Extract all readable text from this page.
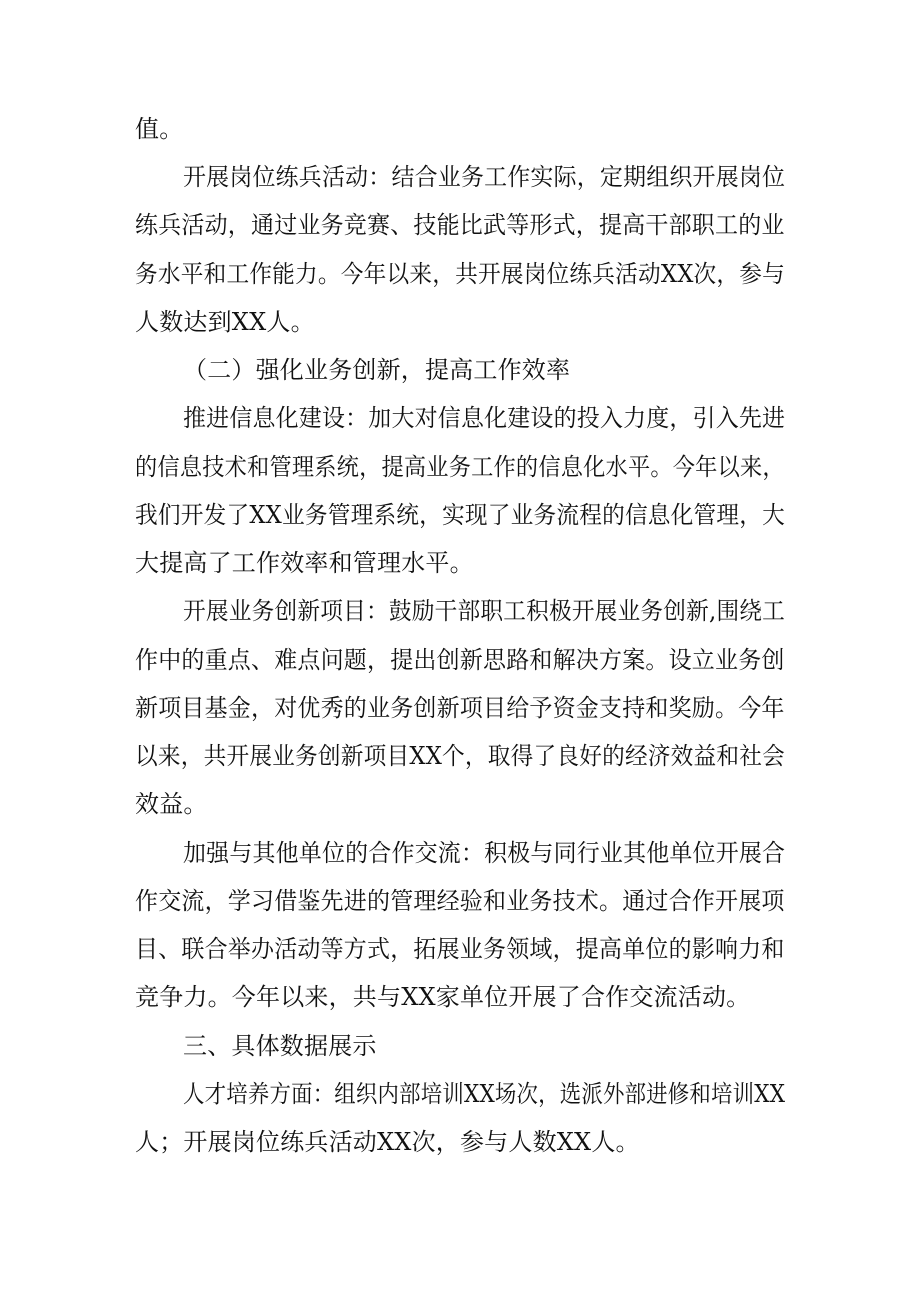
值。
开展岗位练兵活动：结合业务工作实际，定期组织开展岗位
练兵活动，通过业务竞赛、技能比武等形式，提高干部职工的业
务水平和工作能力。今年以来，共开展岗位练兵活动XX次，参与
人数达到XX人。
（二）强化业务创新，提高工作效率
推进信息化建设：加大对信息化建设的投入力度，引入先进
的信息技术和管理系统，提高业务工作的信息化水平。今年以来，
我们开发了XX业务管理系统，实现了业务流程的信息化管理，大
大提高了工作效率和管理水平。
开展业务创新项目：鼓励干部职工积极开展业务创新,围绕工
作中的重点、难点问题，提出创新思路和解决方案。设立业务创
新项目基金，对优秀的业务创新项目给予资金支持和奖励。今年
以来，共开展业务创新项目XX个，取得了良好的经济效益和社会
效益。
加强与其他单位的合作交流：积极与同行业其他单位开展合
作交流，学习借鉴先进的管理经验和业务技术。通过合作开展项
目、联合举办活动等方式，拓展业务领域，提高单位的影响力和
竞争力。今年以来，共与XX家单位开展了合作交流活动。
三、具体数据展示
人才培养方面：组织内部培训XX场次，选派外部进修和培训XX
人；开展岗位练兵活动XX次，参与人数XX人。
